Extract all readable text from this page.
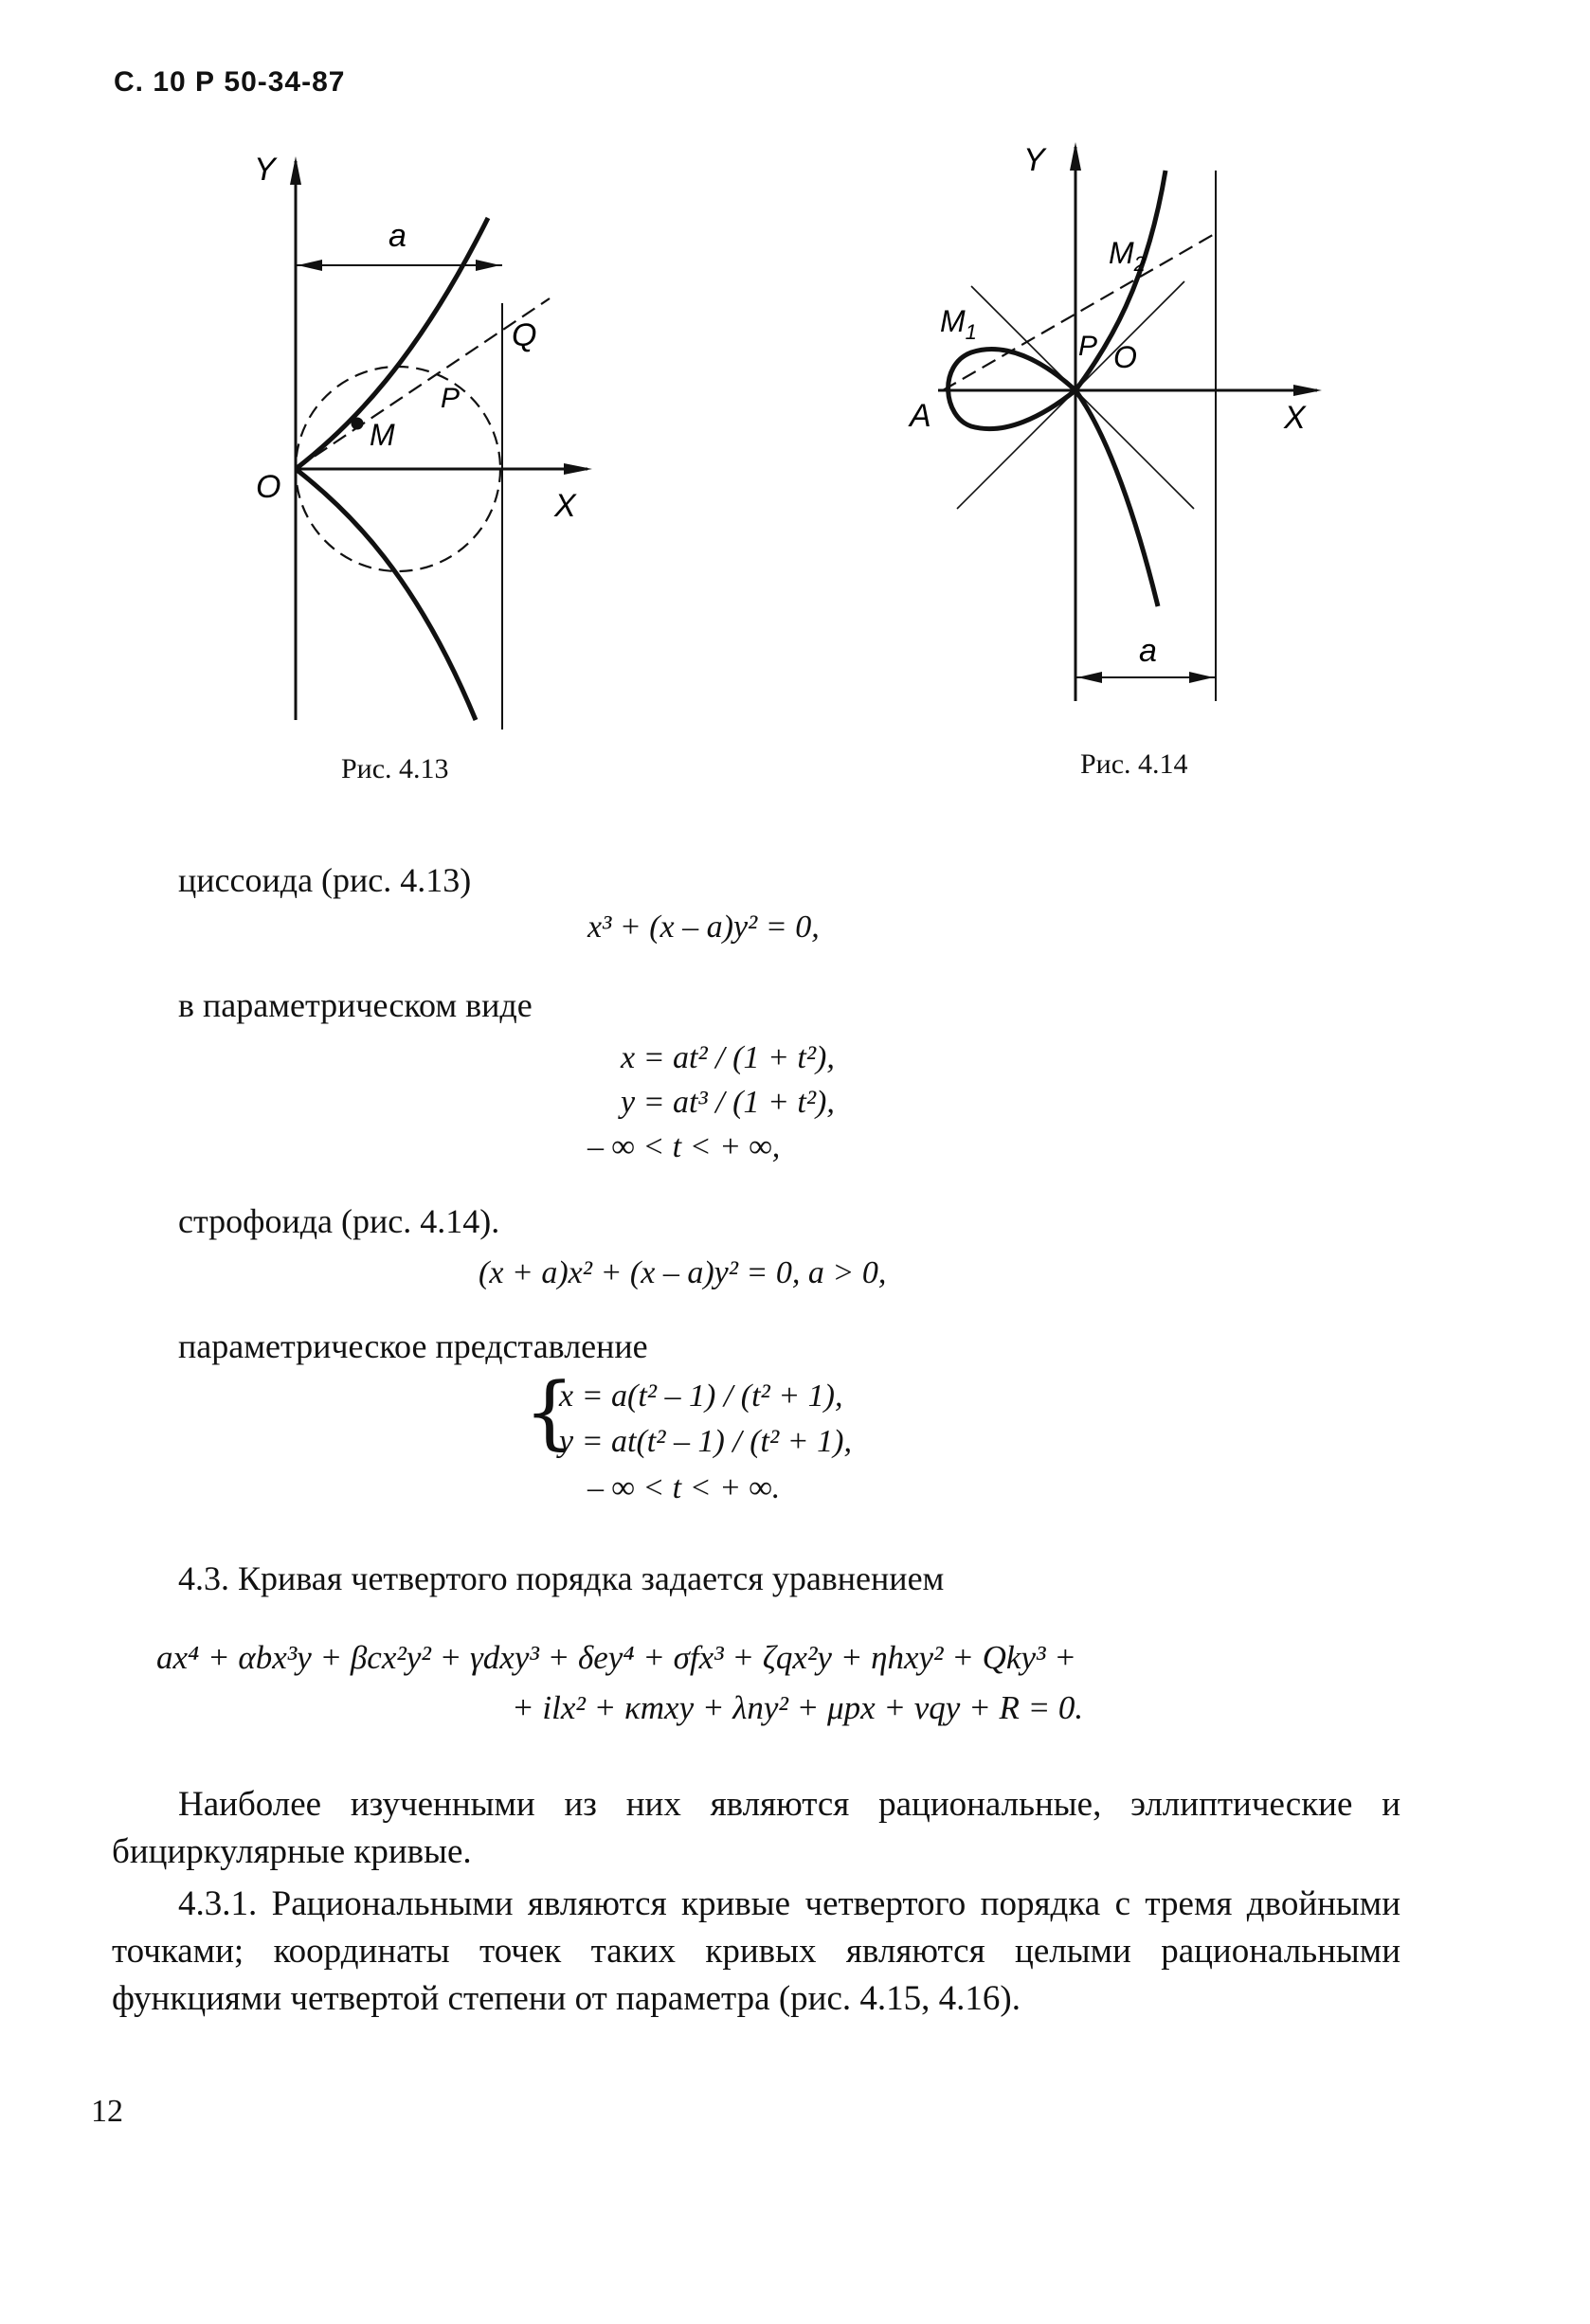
С. 10 Р 50-34-87
Y
a
Q
P
M
O
X
Рис. 4.13
Y
$M_2$
$M_1$	P O
A	X
a
Рис. 4.14
циссоида (рис. 4.13)
x³ + (x – a)y² = 0,
в параметрическом виде
x = at² / (1 + t²),
y = at³ / (1 + t²),
– ∞ < t < + ∞,
строфоида (рис. 4.14).
(x + a)x² + (x – a)y² = 0, a > 0,
параметрическое представление
{
x = a(t² – 1) / (t² + 1),
y = at(t² – 1) / (t² + 1),
– ∞ < t < + ∞.
4.3. Кривая четвертого порядка задается уравнением
ax⁴ + αbx³y + βcx²y² + γdxy³ + δey⁴ + σfx³ + ζqx²y + ηhxy² + Qky³ +
+ ilx² + κmxy + λny² + μpx + νqy + R = 0.
Наиболее изученными из них являются рациональные, эллиптические и бициркулярные кривые.
4.3.1. Рациональными являются кривые четвертого порядка с тремя двойными точками; координаты точек таких кривых являются целыми рациональными функциями четвертой степени от параметра (рис. 4.15, 4.16).
12
